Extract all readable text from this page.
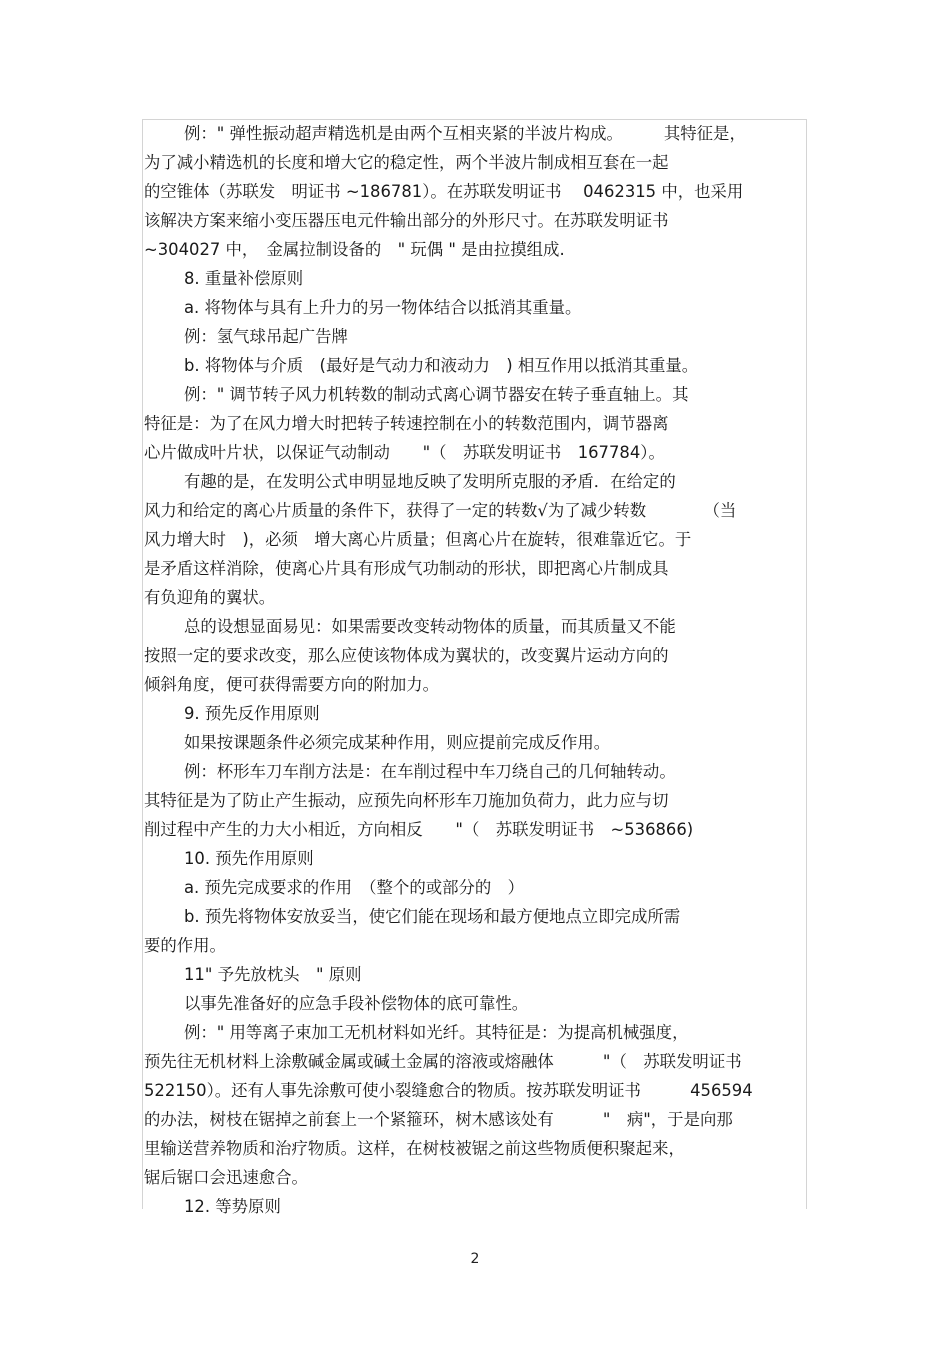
例：" 弹性振动超声精选机是由两个互相夹紧的半波片构成。　　　其特征是，
为了减小精选机的长度和增大它的稳定性，两个半波片制成相互套在一起
的空锥体（苏联发　明证书 ~186781）。在苏联发明证书　 0462315 中，也采用
该解决方案来缩小变压器压电元件输出部分的外形尺寸。在苏联发明证书
~304027 中，　金属拉制设备的　" 玩偶 " 是由拉摸组成.
8. 重量补偿原则
a. 将物体与具有上升力的另一物体结合以抵消其重量。
例：氢气球吊起广告牌
b. 将物体与介质　(最好是气动力和液动力　) 相互作用以抵消其重量。
例：" 调节转子风力机转数的制动式离心调节器安在转子垂直轴上。其
特征是：为了在风力增大时把转子转速控制在小的转数范围内，调节器离
心片做成叶片状，以保证气动制动　　"（　苏联发明证书　167784）。
有趣的是，在发明公式申明显地反映了发明所克服的矛盾．在给定的
风力和给定的离心片质量的条件下，获得了一定的转数√为了减少转数　　　　（当
风力增大时　)，必须　增大离心片质量；但离心片在旋转，很难靠近它。于
是矛盾这样消除，使离心片具有形成气功制动的形状，即把离心片制成具
有负迎角的翼状。
总的设想显面易见：如果需要改变转动物体的质量，而其质量又不能
按照一定的要求改变，那么应使该物体成为翼状的，改变翼片运动方向的
倾斜角度，便可获得需要方向的附加力。
9. 预先反作用原则
如果按课题条件必须完成某种作用，则应提前完成反作用。
例：杯形车刀车削方法是：在车削过程中车刀绕自己的几何轴转动。
其特征是为了防止产生振动，应预先向杯形车刀施加负荷力，此力应与切
削过程中产生的力大小相近，方向相反　　"（　苏联发明证书　~536866)
10. 预先作用原则
a. 预先完成要求的作用　（整个的或部分的　）
b. 预先将物体安放妥当，使它们能在现场和最方便地点立即完成所需
要的作用。
11" 予先放枕头　" 原则
以事先准备好的应急手段补偿物体的底可靠性。
例：" 用等离子束加工无机材料如光纤。其特征是：为提高机械强度，
预先往无机材料上涂敷碱金属或碱土金属的溶液或熔融体　　　"（　苏联发明证书
522150）。还有人事先涂敷可使小裂缝愈合的物质。按苏联发明证书　　　456594
的办法，树枝在锯掉之前套上一个紧箍环，树木感该处有　　　"　病"，于是向那
里输送营养物质和治疗物质。这样，在树枝被锯之前这些物质便积聚起来，
锯后锯口会迅速愈合。
12. 等势原则
2
